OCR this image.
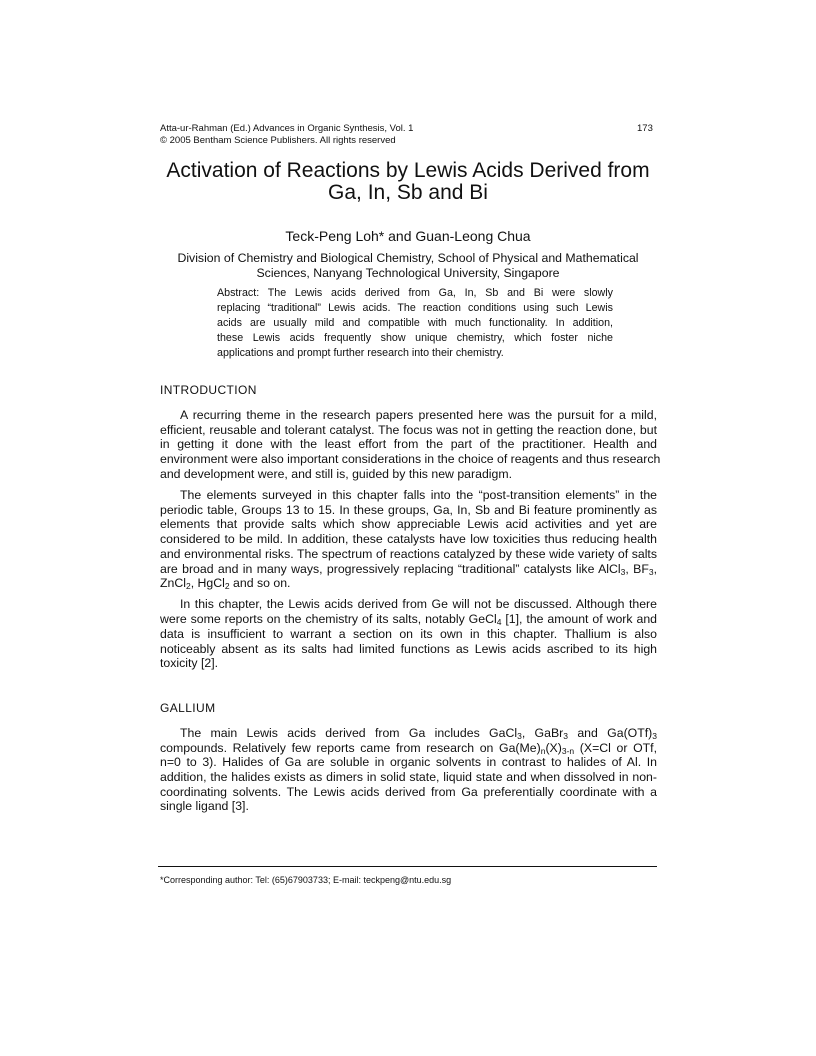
Atta-ur-Rahman (Ed.) Advances in Organic Synthesis, Vol. 1
© 2005 Bentham Science Publishers. All rights reserved
173
Activation of Reactions by Lewis Acids Derived from
Ga, In, Sb and Bi
Teck-Peng Loh* and Guan-Leong Chua
Division of Chemistry and Biological Chemistry, School of Physical and Mathematical
Sciences, Nanyang Technological University, Singapore
Abstract: The Lewis acids derived from Ga, In, Sb and Bi were slowly
replacing “traditional” Lewis acids. The reaction conditions using such Lewis
acids are usually mild and compatible with much functionality. In addition,
these Lewis acids frequently show unique chemistry, which foster niche
applications and prompt further research into their chemistry.
INTRODUCTION
A recurring theme in the research papers presented here was the pursuit for a mild,
efficient, reusable and tolerant catalyst. The focus was not in getting the reaction done, but
in getting it done with the least effort from the part of the practitioner. Health and
environment were also important considerations in the choice of reagents and thus research
and development were, and still is, guided by this new paradigm.
The elements surveyed in this chapter falls into the “post-transition elements” in the
periodic table, Groups 13 to 15. In these groups, Ga, In, Sb and Bi feature prominently as
elements that provide salts which show appreciable Lewis acid activities and yet are
considered to be mild. In addition, these catalysts have low toxicities thus reducing health
and environmental risks. The spectrum of reactions catalyzed by these wide variety of salts
are broad and in many ways, progressively replacing “traditional” catalysts like AlCl$_3$, $BF_3$,
ZnCl$_2$, HgCl$_2$ and so on.
In this chapter, the Lewis acids derived from Ge will not be discussed. Although there
were some reports on the chemistry of its salts, notably GeCl$_4$ [1], the amount of work and
data is insufficient to warrant a section on its own in this chapter. Thallium is also
noticeably absent as its salts had limited functions as Lewis acids ascribed to its high
toxicity [2].
GALLIUM
The main Lewis acids derived from Ga includes GaCl$_3$, GaBr$_3$ and $Ga(OTf)_3$
compounds. Relatively few reports came from research on $Ga(Me)_n(X)_{3-n}$ (X=Cl or OTf,
n=0 to 3). Halides of Ga are soluble in organic solvents in contrast to halides of Al. In
addition, the halides exists as dimers in solid state, liquid state and when dissolved in non-
coordinating solvents. The Lewis acids derived from Ga preferentially coordinate with a
single ligand [3].
*Corresponding author: Tel: (65)67903733; E-mail: teckpeng@ntu.edu.sg
